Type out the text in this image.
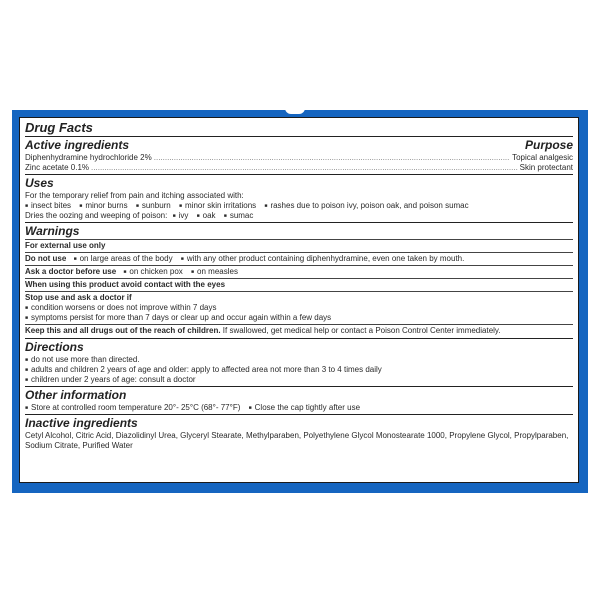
Drug Facts
Active ingredients	Purpose
Diphenhydramine hydrochloride 2% .....	Topical analgesic
Zinc acetate 0.1% .....	Skin protectant
Uses
For the temporary relief from pain and itching associated with:
■ insect bites ■ minor burns ■ sunburn ■ minor skin irritations ■ rashes due to poison ivy, poison oak, and poison sumac
Dries the oozing and weeping of poison: ■ ivy ■ oak ■ sumac
Warnings
For external use only
Do not use ■ on large areas of the body ■ with any other product containing diphenhydramine, even one taken by mouth.
Ask a doctor before use ■ on chicken pox ■ on measles
When using this product avoid contact with the eyes
Stop use and ask a doctor if
■ condition worsens or does not improve within 7 days
■ symptoms persist for more than 7 days or clear up and occur again within a few days
Keep this and all drugs out of the reach of children. If swallowed, get medical help or contact a Poison Control Center immediately.
Directions
■ do not use more than directed.
■ adults and children 2 years of age and older: apply to affected area not more than 3 to 4 times daily
■ children under 2 years of age: consult a doctor
Other information
■ Store at controlled room temperature 20°- 25°C (68°- 77°F) ■ Close the cap tightly after use
Inactive ingredients
Cetyl Alcohol, Citric Acid, Diazolidinyl Urea, Glyceryl Stearate, Methylparaben, Polyethylene Glycol Monostearate 1000, Propylene Glycol, Propylparaben, Sodium Citrate, Purified Water
